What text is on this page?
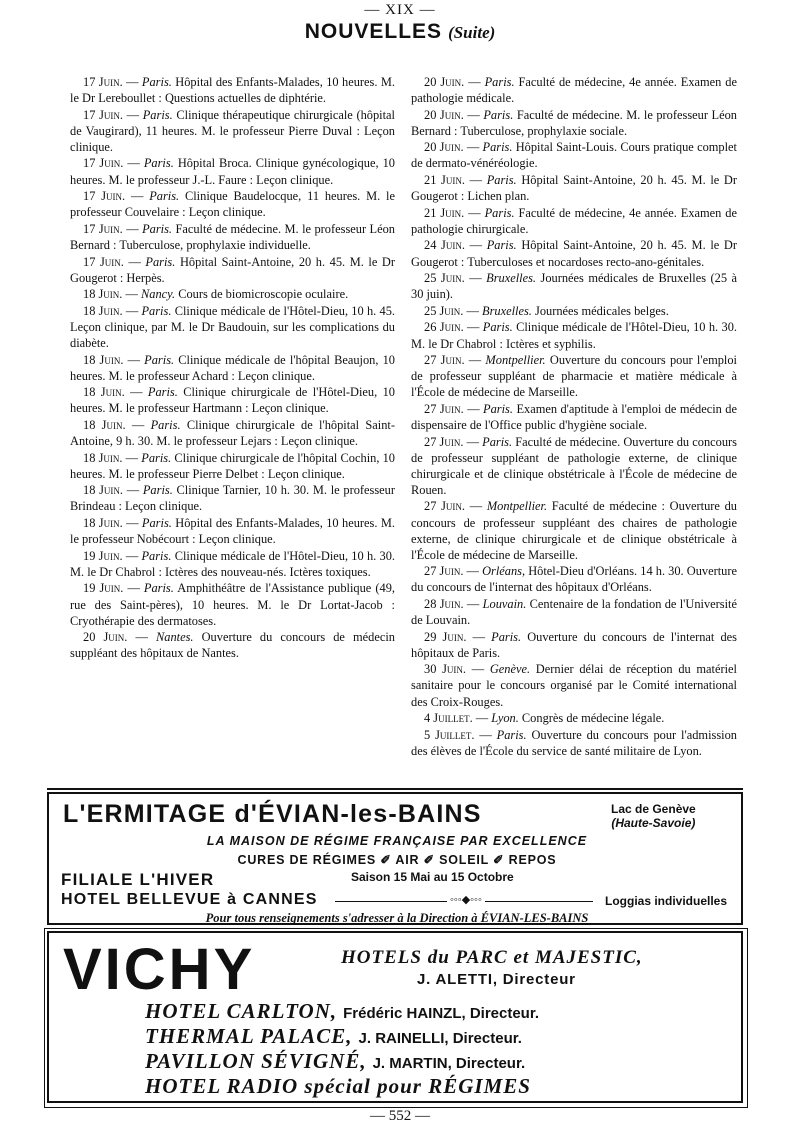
— XIX —
NOUVELLES (Suite)
17 Juin. — Paris. Hôpital des Enfants-Malades, 10 heures. M. le Dr Lereboullet : Questions actuelles de diphtérie.
17 Juin. — Paris. Clinique thérapeutique chirurgicale (hôpital de Vaugirard), 11 heures. M. le professeur Pierre Duval : Leçon clinique.
17 Juin. — Paris. Hôpital Broca. Clinique gynécologique, 10 heures. M. le professeur J.-L. Faure : Leçon clinique.
17 Juin. — Paris. Clinique Baudelocque, 11 heures. M. le professeur Couvelaire : Leçon clinique.
17 Juin. — Paris. Faculté de médecine. M. le professeur Léon Bernard : Tuberculose, prophylaxie individuelle.
17 Juin. — Paris. Hôpital Saint-Antoine, 20 h. 45. M. le Dr Gougerot : Herpès.
18 Juin. — Nancy. Cours de biomicroscopie oculaire.
18 Juin. — Paris. Clinique médicale de l'Hôtel-Dieu, 10 h. 45. Leçon clinique, par M. le Dr Baudouin, sur les complications du diabète.
18 Juin. — Paris. Clinique médicale de l'hôpital Beaujon, 10 heures. M. le professeur Achard : Leçon clinique.
18 Juin. — Paris. Clinique chirurgicale de l'Hôtel-Dieu, 10 heures. M. le professeur Hartmann : Leçon clinique.
18 Juin. — Paris. Clinique chirurgicale de l'hôpital Saint-Antoine, 9 h. 30. M. le professeur Lejars : Leçon clinique.
18 Juin. — Paris. Clinique chirurgicale de l'hôpital Cochin, 10 heures. M. le professeur Pierre Delbet : Leçon clinique.
18 Juin. — Paris. Clinique Tarnier, 10 h. 30. M. le professeur Brindeau : Leçon clinique.
18 Juin. — Paris. Hôpital des Enfants-Malades, 10 heures. M. le professeur Nobécourt : Leçon clinique.
19 Juin. — Paris. Clinique médicale de l'Hôtel-Dieu, 10 h. 30. M. le Dr Chabrol : Ictères des nouveau-nés. Ictères toxiques.
19 Juin. — Paris. Amphithéâtre de l'Assistance publique (49, rue des Saint-pères), 10 heures. M. le Dr Lortat-Jacob : Cryothérapie des dermatoses.
20 Juin. — Nantes. Ouverture du concours de médecin suppléant des hôpitaux de Nantes.
20 Juin. — Paris. Faculté de médecine, 4e année. Examen de pathologie médicale.
20 Juin. — Paris. Faculté de médecine. M. le professeur Léon Bernard : Tuberculose, prophylaxie sociale.
20 Juin. — Paris. Hôpital Saint-Louis. Cours pratique complet de dermato-vénéréologie.
21 Juin. — Paris. Hôpital Saint-Antoine, 20 h. 45. M. le Dr Gougerot : Lichen plan.
21 Juin. — Paris. Faculté de médecine, 4e année. Examen de pathologie chirurgicale.
24 Juin. — Paris. Hôpital Saint-Antoine, 20 h. 45. M. le Dr Gougerot : Tuberculoses et nocardoses recto-ano-génitales.
25 Juin. — Bruxelles. Journées médicales de Bruxelles (25 à 30 juin).
25 Juin. — Bruxelles. Journées médicales belges.
26 Juin. — Paris. Clinique médicale de l'Hôtel-Dieu, 10 h. 30. M. le Dr Chabrol : Ictères et syphilis.
27 Juin. — Montpellier. Ouverture du concours pour l'emploi de professeur suppléant de pharmacie et matière médicale à l'École de médecine de Marseille.
27 Juin. — Paris. Examen d'aptitude à l'emploi de médecin de dispensaire de l'Office public d'hygiène sociale.
27 Juin. — Paris. Faculté de médecine. Ouverture du concours de professeur suppléant de pathologie externe, de clinique chirurgicale et de clinique obstétricale à l'École de médecine de Rouen.
27 Juin. — Montpellier. Faculté de médecine : Ouverture du concours de professeur suppléant des chaires de pathologie externe, de clinique chirurgicale et de clinique obstétricale à l'École de médecine de Marseille.
27 Juin. — Orléans, Hôtel-Dieu d'Orléans. 14 h. 30. Ouverture du concours de l'internat des hôpitaux d'Orléans.
28 Juin. — Louvain. Centenaire de la fondation de l'Université de Louvain.
29 Juin. — Paris. Ouverture du concours de l'internat des hôpitaux de Paris.
30 Juin. — Genève. Dernier délai de réception du matériel sanitaire pour le concours organisé par le Comité international des Croix-Rouges.
4 Juillet. — Lyon. Congrès de médecine légale.
5 Juillet. — Paris. Ouverture du concours pour l'admission des élèves de l'École du service de santé militaire de Lyon.
L'ERMITAGE d'ÉVIAN-les-BAINS	Lac de Genève
(Haute-Savoie)
LA MAISON DE RÉGIME FRANÇAISE PAR EXCELLENCE
CURES DE RÉGIMES ✐ AIR ✐ SOLEIL ✐ REPOS
FILIALE L'HIVER	Saison 15 Mai au 15 Octobre
HOTEL BELLEVUE à CANNES	◦◦◦◆◦◦◦	Loggias individuelles
Pour tous renseignements s'adresser à la Direction à ÉVIAN-LES-BAINS
VICHY	HOTELS du PARC et MAJESTIC,
J. ALETTI, Directeur
HOTEL CARLTON, Frédéric HAINZL, Directeur.
THERMAL PALACE, J. RAINELLI, Directeur.
PAVILLON SÉVIGNÉ, J. MARTIN, Directeur.
HOTEL RADIO spécial pour RÉGIMES
— 552 —
